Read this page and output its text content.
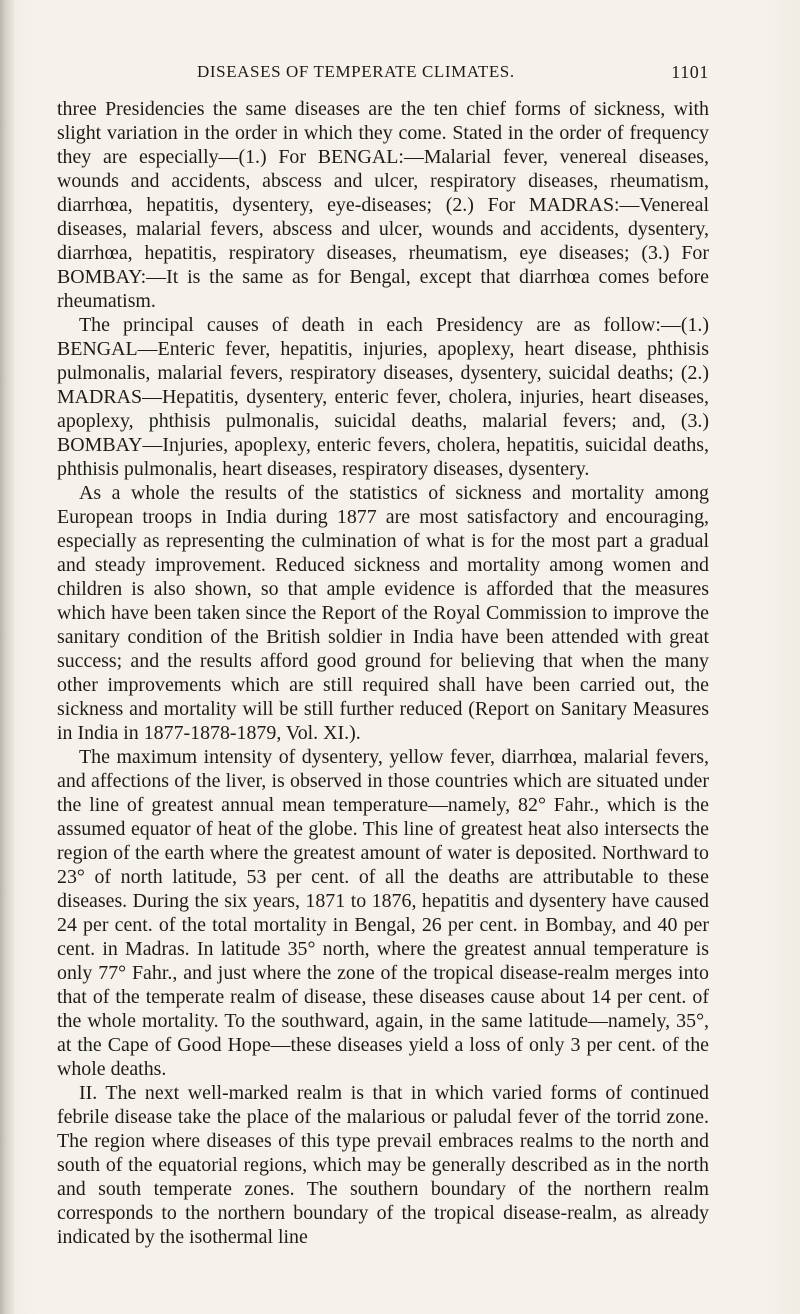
DISEASES OF TEMPERATE CLIMATES.	1101

three Presidencies the same diseases are the ten chief forms of sickness, with slight variation in the order in which they come. Stated in the order of frequency they are especially—(1.) For BENGAL:—Malarial fever, venereal diseases, wounds and accidents, abscess and ulcer, respiratory diseases, rheumatism, diarrhœa, hepatitis, dysentery, eye-diseases; (2.) For MADRAS:—Venereal diseases, malarial fevers, abscess and ulcer, wounds and accidents, dysentery, diarrhœa, hepatitis, respiratory diseases, rheumatism, eye diseases; (3.) For BOMBAY:—It is the same as for Bengal, except that diarrhœa comes before rheumatism.

The principal causes of death in each Presidency are as follow:—(1.) BENGAL—Enteric fever, hepatitis, injuries, apoplexy, heart disease, phthisis pulmonalis, malarial fevers, respiratory diseases, dysentery, suicidal deaths; (2.) MADRAS—Hepatitis, dysentery, enteric fever, cholera, injuries, heart diseases, apoplexy, phthisis pulmonalis, suicidal deaths, malarial fevers; and, (3.) BOMBAY—Injuries, apoplexy, enteric fevers, cholera, hepatitis, suicidal deaths, phthisis pulmonalis, heart diseases, respiratory diseases, dysentery.

As a whole the results of the statistics of sickness and mortality among European troops in India during 1877 are most satisfactory and encouraging, especially as representing the culmination of what is for the most part a gradual and steady improvement. Reduced sickness and mortality among women and children is also shown, so that ample evidence is afforded that the measures which have been taken since the Report of the Royal Commission to improve the sanitary condition of the British soldier in India have been attended with great success; and the results afford good ground for believing that when the many other improvements which are still required shall have been carried out, the sickness and mortality will be still further reduced (Report on Sanitary Measures in India in 1877-1878-1879, Vol. XI.).

The maximum intensity of dysentery, yellow fever, diarrhœa, malarial fevers, and affections of the liver, is observed in those countries which are situated under the line of greatest annual mean temperature—namely, 82° Fahr., which is the assumed equator of heat of the globe. This line of greatest heat also intersects the region of the earth where the greatest amount of water is deposited. Northward to 23° of north latitude, 53 per cent. of all the deaths are attributable to these diseases. During the six years, 1871 to 1876, hepatitis and dysentery have caused 24 per cent. of the total mortality in Bengal, 26 per cent. in Bombay, and 40 per cent. in Madras. In latitude 35° north, where the greatest annual temperature is only 77° Fahr., and just where the zone of the tropical disease-realm merges into that of the temperate realm of disease, these diseases cause about 14 per cent. of the whole mortality. To the southward, again, in the same latitude—namely, 35°, at the Cape of Good Hope—these diseases yield a loss of only 3 per cent. of the whole deaths.

II. The next well-marked realm is that in which varied forms of continued febrile disease take the place of the malarious or paludal fever of the torrid zone. The region where diseases of this type prevail embraces realms to the north and south of the equatorial regions, which may be generally described as in the north and south temperate zones. The southern boundary of the northern realm corresponds to the northern boundary of the tropical disease-realm, as already indicated by the isothermal line
